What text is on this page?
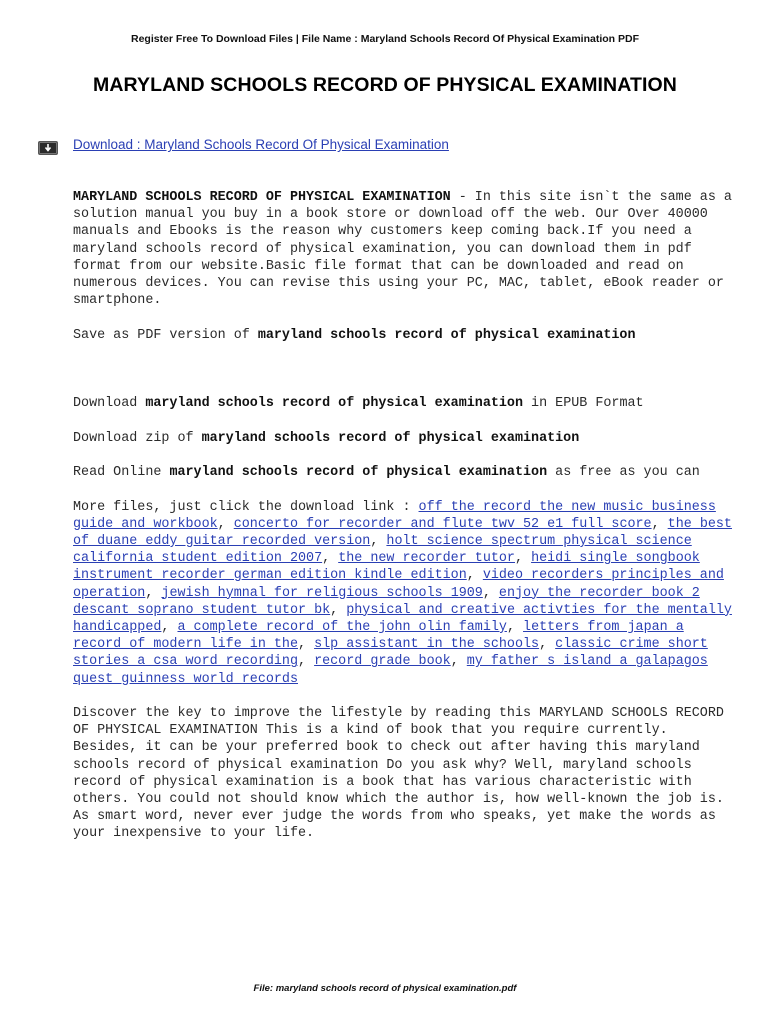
Register Free To Download Files | File Name : Maryland Schools Record Of Physical Examination PDF
MARYLAND SCHOOLS RECORD OF PHYSICAL EXAMINATION
Download : Maryland Schools Record Of Physical Examination

MARYLAND SCHOOLS RECORD OF PHYSICAL EXAMINATION - In this site isn`t the same as a solution manual you buy in a book store or download off the web. Our Over 40000 manuals and Ebooks is the reason why customers keep coming back.If you need a maryland schools record of physical examination, you can download them in pdf format from our website.Basic file format that can be downloaded and read on numerous devices. You can revise this using your PC, MAC, tablet, eBook reader or smartphone.

Save as PDF version of maryland schools record of physical examination

Download maryland schools record of physical examination in EPUB Format

Download zip of maryland schools record of physical examination

Read Online maryland schools record of physical examination as free as you can

More files, just click the download link : off the record the new music business guide and workbook, concerto for recorder and flute twv 52 e1 full score, the best of duane eddy guitar recorded version, holt science spectrum physical science california student edition 2007, the new recorder tutor, heidi single songbook instrument recorder german edition kindle edition, video recorders principles and operation, jewish hymnal for religious schools 1909, enjoy the recorder book 2 descant soprano student tutor bk, physical and creative activties for the mentally handicapped, a complete record of the john olin family, letters from japan a record of modern life in the, slp assistant in the schools, classic crime short stories a csa word recording, record grade book, my father s island a galapagos quest guinness world records

Discover the key to improve the lifestyle by reading this MARYLAND SCHOOLS RECORD OF PHYSICAL EXAMINATION This is a kind of book that you require currently. Besides, it can be your preferred book to check out after having this maryland schools record of physical examination Do you ask why? Well, maryland schools record of physical examination is a book that has various characteristic with others. You could not should know which the author is, how well-known the job is. As smart word, never ever judge the words from who speaks, yet make the words as your inexpensive to your life.

File: maryland schools record of physical examination.pdf
